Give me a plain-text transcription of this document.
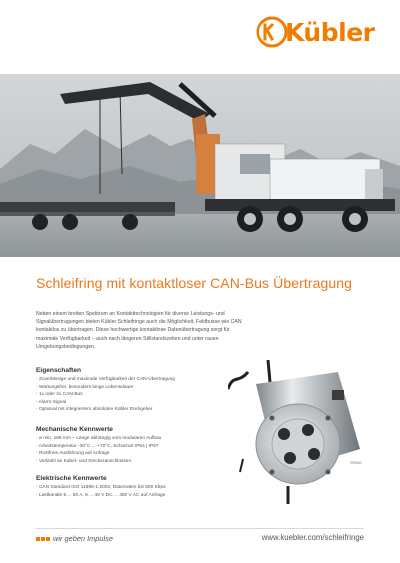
Kübler
Schleifring mit kontaktloser CAN-Bus Übertragung

Neben einem breiten Spektrum an Kontakttechnologien für diverse Leistungs- und Signalübertragungen bieten Kübler Schleifringe auch die Möglichkeit, Feldbusse wie CAN kontaktlos zu übertragen. Diese hochwertige kontaktlose Datenübertragung sorgt für maximale Verfügbarkeit – auch nach längeren Stillstandszeiten und unter rauen Umgebungsbedingungen.

Eigenschaften
- Zuverlässige und maximale Verfügbarkeit der CAN-Übertragung
- Wartungsfrei, besonders lange Lebensdauer
- 1x oder 2x CAN-Bus
- Alarm-Signal
- Optional mit integriertem absoluten Kübler Drehgeber
Mechanische Kennwerte
- ø min. 166 mm – Länge abhängig vom modularen Aufbau
- Arbeitstemperatur -30°C ... +70°C, Schutzart IP64 | IP67
- Rostfreie Ausführung auf Anfrage
- Vielzahl an Kabel- und Steckeranschlüssen
Elektrische Kennwerte
- CAN Standard ISO 11898-1:2003, Datenraten bis 500 Kbps
- Lastkanäle 6 ... 50 A, 8 ... 48 V DC ... 400 V AC auf Anfrage
SR060
wir geben Impulse	www.kuebler.com/schleifringe
